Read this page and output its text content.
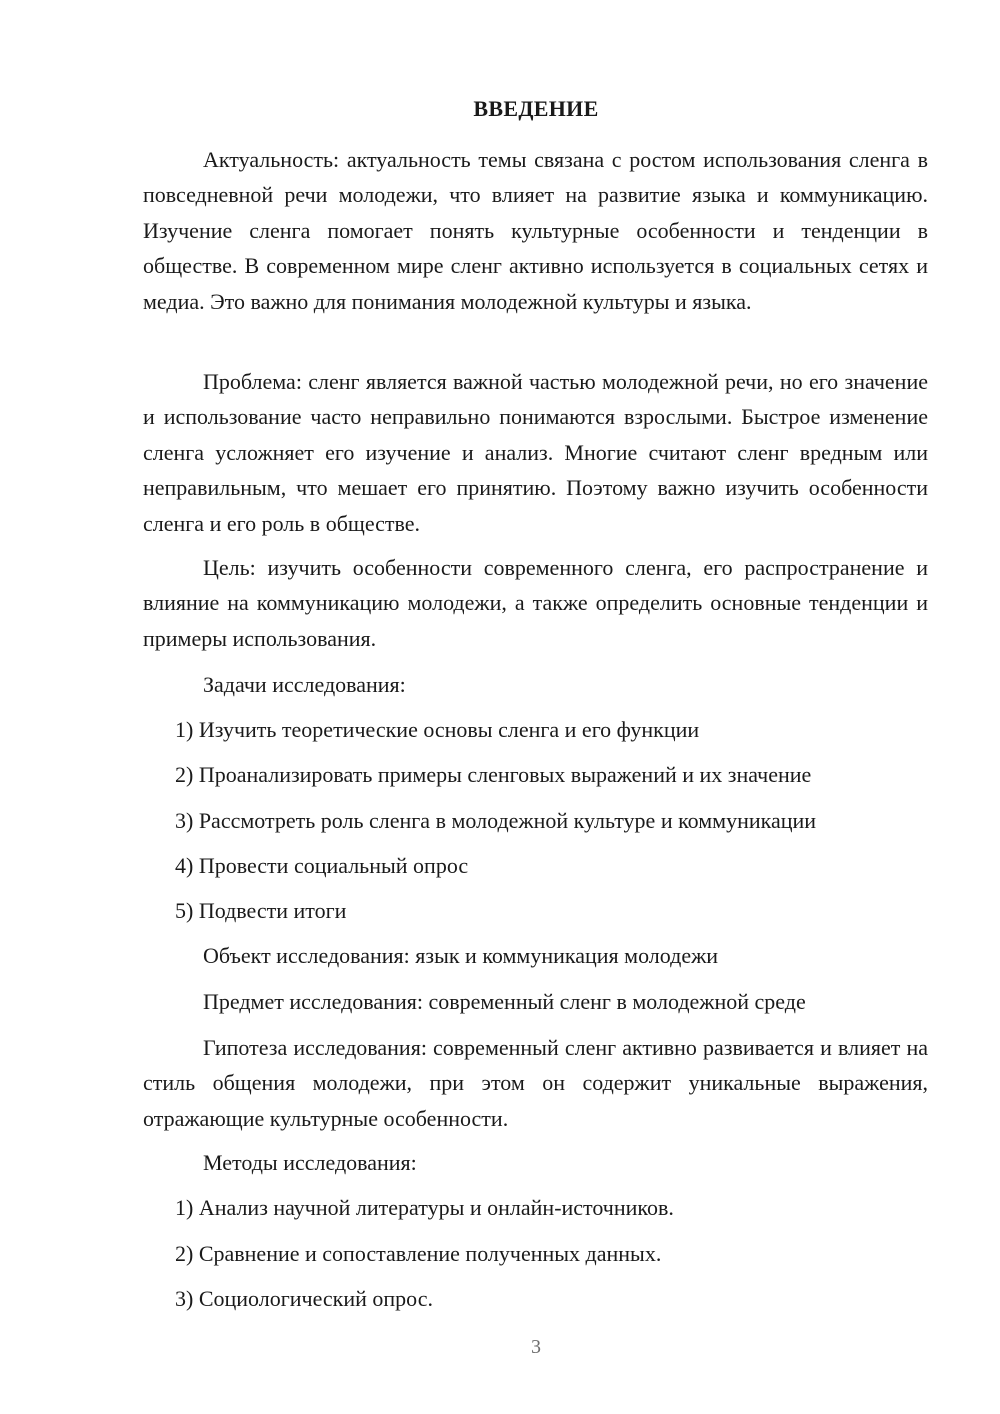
ВВЕДЕНИЕ

Актуальность: актуальность темы связана с ростом использования сленга в повседневной речи молодежи, что влияет на развитие языка и коммуникацию. Изучение сленга помогает понять культурные особенности и тенденции в обществе. В современном мире сленг активно используется в социальных сетях и медиа. Это важно для понимания молодежной культуры и языка.

Проблема: сленг является важной частью молодежной речи, но его значение и использование часто неправильно понимаются взрослыми. Быстрое изменение сленга усложняет его изучение и анализ. Многие считают сленг вредным или неправильным, что мешает его принятию. Поэтому важно изучить особенности сленга и его роль в обществе.

Цель: изучить особенности современного сленга, его распространение и влияние на коммуникацию молодежи, а также определить основные тенденции и примеры использования.

Задачи исследования:

1) Изучить теоретические основы сленга и его функции

2) Проанализировать примеры сленговых выражений и их значение

3) Рассмотреть роль сленга в молодежной культуре и коммуникации

4) Провести социальный опрос

5) Подвести итоги

Объект исследования: язык и коммуникация молодежи

Предмет исследования: современный сленг в молодежной среде

Гипотеза исследования: современный сленг активно развивается и влияет на стиль общения молодежи, при этом он содержит уникальные выражения, отражающие культурные особенности.

Методы исследования:

1) Анализ научной литературы и онлайн-источников.

2) Сравнение и сопоставление полученных данных.

3) Социологический опрос.

3
